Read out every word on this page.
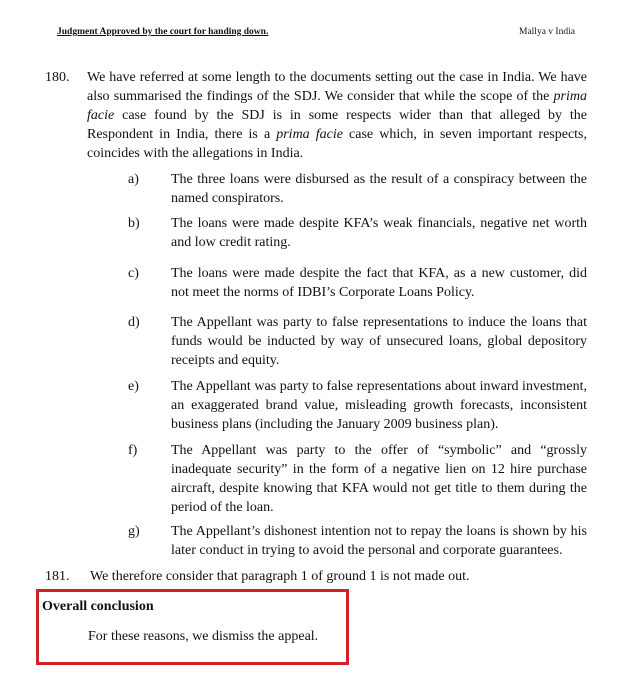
Judgment Approved by the court for handing down.	Mallya v India
180. We have referred at some length to the documents setting out the case in India. We have also summarised the findings of the SDJ. We consider that while the scope of the prima facie case found by the SDJ is in some respects wider than that alleged by the Respondent in India, there is a prima facie case which, in seven important respects, coincides with the allegations in India.
a) The three loans were disbursed as the result of a conspiracy between the named conspirators.
b) The loans were made despite KFA’s weak financials, negative net worth and low credit rating.
c) The loans were made despite the fact that KFA, as a new customer, did not meet the norms of IDBI’s Corporate Loans Policy.
d) The Appellant was party to false representations to induce the loans that funds would be inducted by way of unsecured loans, global depository receipts and equity.
e) The Appellant was party to false representations about inward investment, an exaggerated brand value, misleading growth forecasts, inconsistent business plans (including the January 2009 business plan).
f) The Appellant was party to the offer of “symbolic” and “grossly inadequate security” in the form of a negative lien on 12 hire purchase aircraft, despite knowing that KFA would not get title to them during the period of the loan.
g) The Appellant’s dishonest intention not to repay the loans is shown by his later conduct in trying to avoid the personal and corporate guarantees.
181. We therefore consider that paragraph 1 of ground 1 is not made out.
Overall conclusion
For these reasons, we dismiss the appeal.
